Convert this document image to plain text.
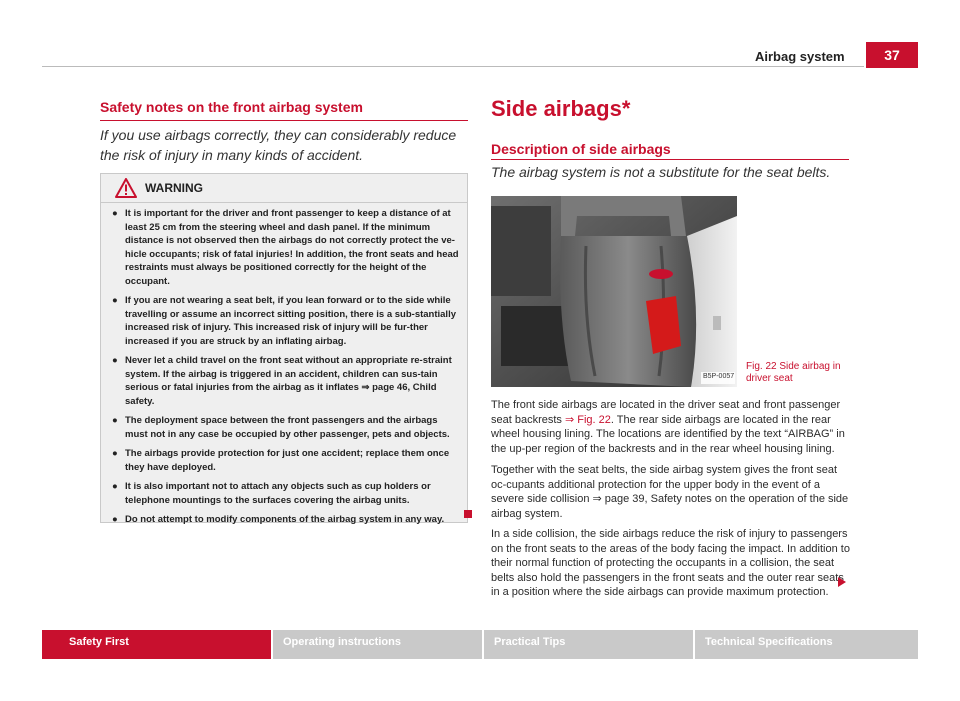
Airbag system	37
Safety notes on the front airbag system
If you use airbags correctly, they can considerably reduce the risk of injury in many kinds of accident.
WARNING
● It is important for the driver and front passenger to keep a distance of at least 25 cm from the steering wheel and dash panel. If the minimum distance is not observed then the airbags do not correctly protect the ve-hicle occupants; risk of fatal injuries! In addition, the front seats and head restraints must always be positioned correctly for the height of the occupant.
● If you are not wearing a seat belt, if you lean forward or to the side while travelling or assume an incorrect sitting position, there is a sub-stantially increased risk of injury. This increased risk of injury will be fur-ther increased if you are struck by an inflating airbag.
● Never let a child travel on the front seat without an appropriate re-straint system. If the airbag is triggered in an accident, children can sus-tain serious or fatal injuries from the airbag as it inflates ⇒ page 46, Child safety.
● The deployment space between the front passengers and the airbags must not in any case be occupied by other passenger, pets and objects.
● The airbags provide protection for just one accident; replace them once they have deployed.
● It is also important not to attach any objects such as cup holders or telephone mountings to the surfaces covering the airbag units.
● Do not attempt to modify components of the airbag system in any way.
Side airbags*
Description of side airbags
The airbag system is not a substitute for the seat belts.
B5P-0057
Fig. 22 Side airbag in driver seat

The front side airbags are located in the driver seat and front passenger seat backrests ⇒ Fig. 22. The rear side airbags are located in the rear wheel housing lining. The locations are identified by the text “AIRBAG” in the up-per region of the backrests and in the rear wheel housing lining.

Together with the seat belts, the side airbag system gives the front seat oc-cupants additional protection for the upper body in the event of a severe side collision ⇒ page 39, Safety notes on the operation of the side airbag system.

In a side collision, the side airbags reduce the risk of injury to passengers on the front seats to the areas of the body facing the impact. In addition to their normal function of protecting the occupants in a collision, the seat belts also hold the passengers in the front seats and the outer rear seats in a position where the side airbags can provide maximum protection.

Safety First	Operating instructions	Practical Tips	Technical Specifications
